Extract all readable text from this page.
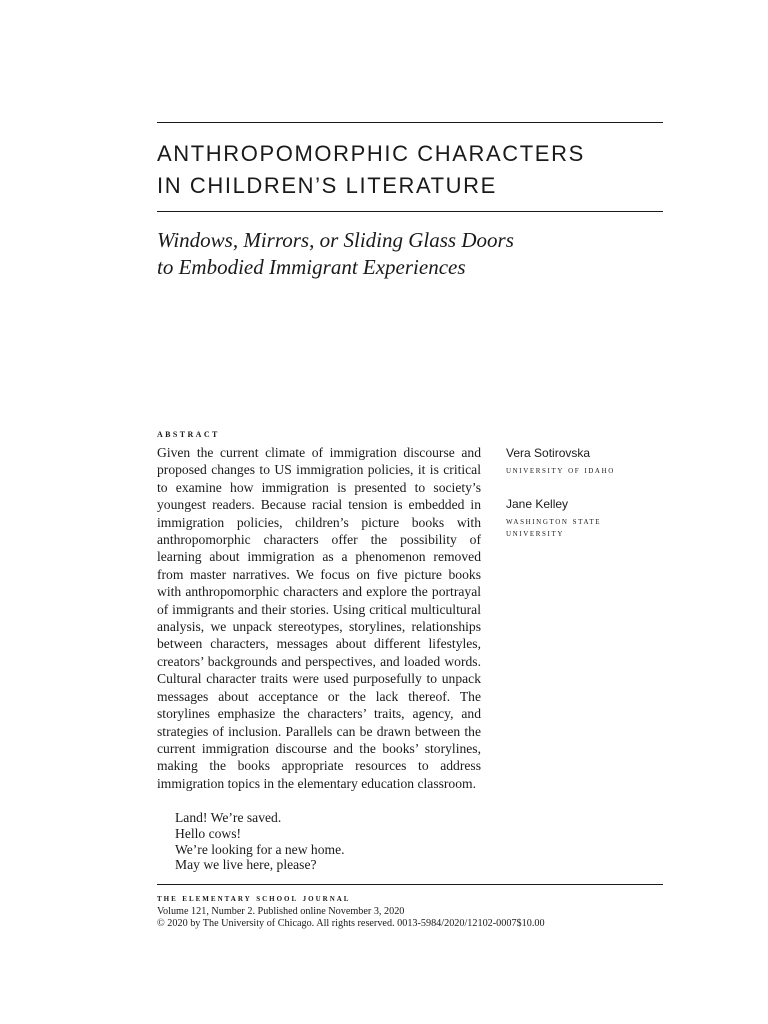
ANTHROPOMORPHIC CHARACTERS
IN CHILDREN’S LITERATURE
Windows, Mirrors, or Sliding Glass Doors
to Embodied Immigrant Experiences
abstract
Given the current climate of immigration discourse and proposed changes to US immigration policies, it is critical to examine how immigration is presented to society’s youngest readers. Because racial tension is embedded in immigration policies, children’s picture books with anthropomorphic characters offer the possibility of learning about immigration as a phenomenon removed from master narratives. We focus on five picture books with anthropomorphic characters and explore the portrayal of immigrants and their stories. Using critical multicultural analysis, we unpack stereotypes, storylines, relationships between characters, messages about different lifestyles, creators’ backgrounds and perspectives, and loaded words. Cultural character traits were used purposefully to unpack messages about acceptance or the lack thereof. The storylines emphasize the characters’ traits, agency, and strategies of inclusion. Parallels can be drawn between the current immigration discourse and the books’ storylines, making the books appropriate resources to address immigration topics in the elementary education classroom.
Land! We’re saved.
Hello cows!
We’re looking for a new home.
May we live here, please?
Vera Sotirovska
university of idaho
Jane Kelley
washington state
university
the elementary school journal
Volume 121, Number 2. Published online November 3, 2020
© 2020 by The University of Chicago. All rights reserved. 0013-5984/2020/12102-0007$10.00
